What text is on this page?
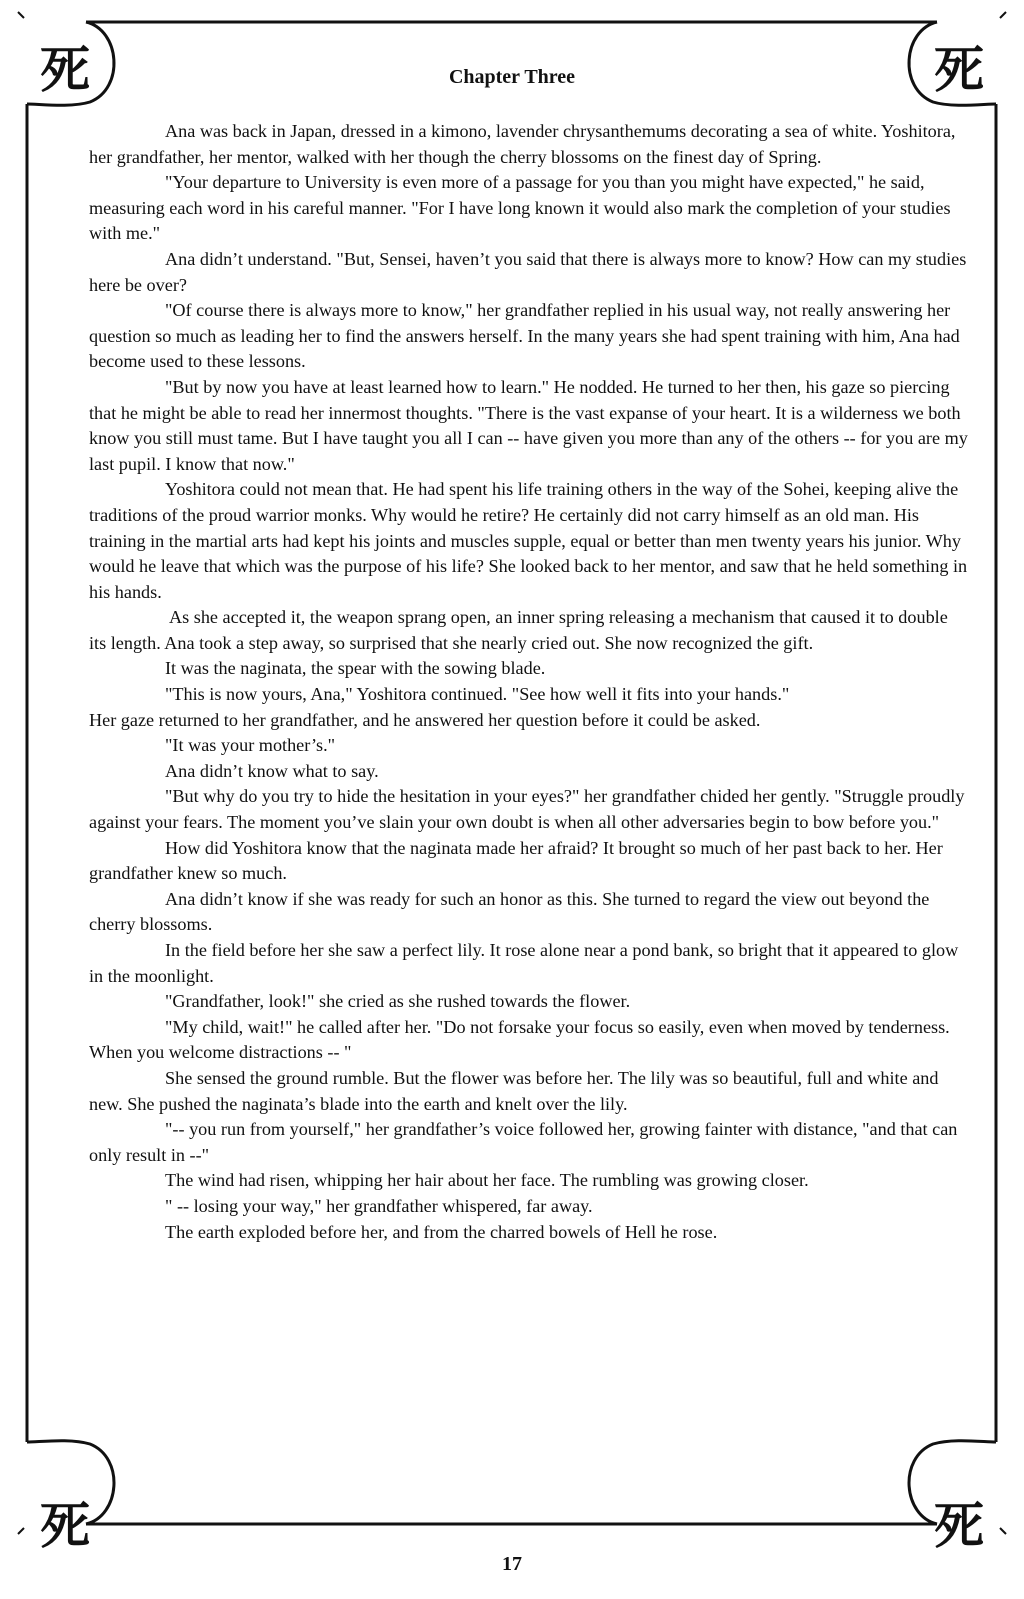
死	死
死	死
Chapter Three

Ana was back in Japan, dressed in a kimono, lavender chrysanthemums decorating a sea of white. Yoshitora, her grandfather, her mentor, walked with her though the cherry blossoms on the finest day of Spring.

"Your departure to University is even more of a passage for you than you might have expected," he said, measuring each word in his careful manner. "For I have long known it would also mark the completion of your studies with me."

Ana didn’t understand. "But, Sensei, haven’t you said that there is always more to know? How can my studies here be over?

"Of course there is always more to know," her grandfather replied in his usual way, not really answering her question so much as leading her to find the answers herself. In the many years she had spent training with him, Ana had become used to these lessons.

"But by now you have at least learned how to learn." He nodded. He turned to her then, his gaze so piercing that he might be able to read her innermost thoughts. "There is the vast expanse of your heart. It is a wilderness we both know you still must tame. But I have taught you all I can -- have given you more than any of the others -- for you are my last pupil. I know that now."

Yoshitora could not mean that. He had spent his life training others in the way of the Sohei, keeping alive the traditions of the proud warrior monks. Why would he retire? He certainly did not carry himself as an old man. His training in the martial arts had kept his joints and muscles supple, equal or better than men twenty years his junior. Why would he leave that which was the purpose of his life? She looked back to her mentor, and saw that he held something in his hands.

As she accepted it, the weapon sprang open, an inner spring releasing a mechanism that caused it to double its length. Ana took a step away, so surprised that she nearly cried out. She now recognized the gift.

It was the naginata, the spear with the sowing blade.

"This is now yours, Ana," Yoshitora continued. "See how well it fits into your hands."

Her gaze returned to her grandfather, and he answered her question before it could be asked.

"It was your mother’s."

Ana didn’t know what to say.

"But why do you try to hide the hesitation in your eyes?" her grandfather chided her gently. "Struggle proudly against your fears. The moment you’ve slain your own doubt is when all other adversaries begin to bow before you."

How did Yoshitora know that the naginata made her afraid? It brought so much of her past back to her. Her grandfather knew so much.

Ana didn’t know if she was ready for such an honor as this. She turned to regard the view out beyond the cherry blossoms.

In the field before her she saw a perfect lily. It rose alone near a pond bank, so bright that it appeared to glow in the moonlight.

"Grandfather, look!" she cried as she rushed towards the flower.

"My child, wait!" he called after her. "Do not forsake your focus so easily, even when moved by tenderness. When you welcome distractions -- "

She sensed the ground rumble. But the flower was before her. The lily was so beautiful, full and white and new. She pushed the naginata’s blade into the earth and knelt over the lily.

"-- you run from yourself," her grandfather’s voice followed her, growing fainter with distance, "and that can only result in --"

The wind had risen, whipping her hair about her face. The rumbling was growing closer.

" -- losing your way," her grandfather whispered, far away.

The earth exploded before her, and from the charred bowels of Hell he rose.

17
